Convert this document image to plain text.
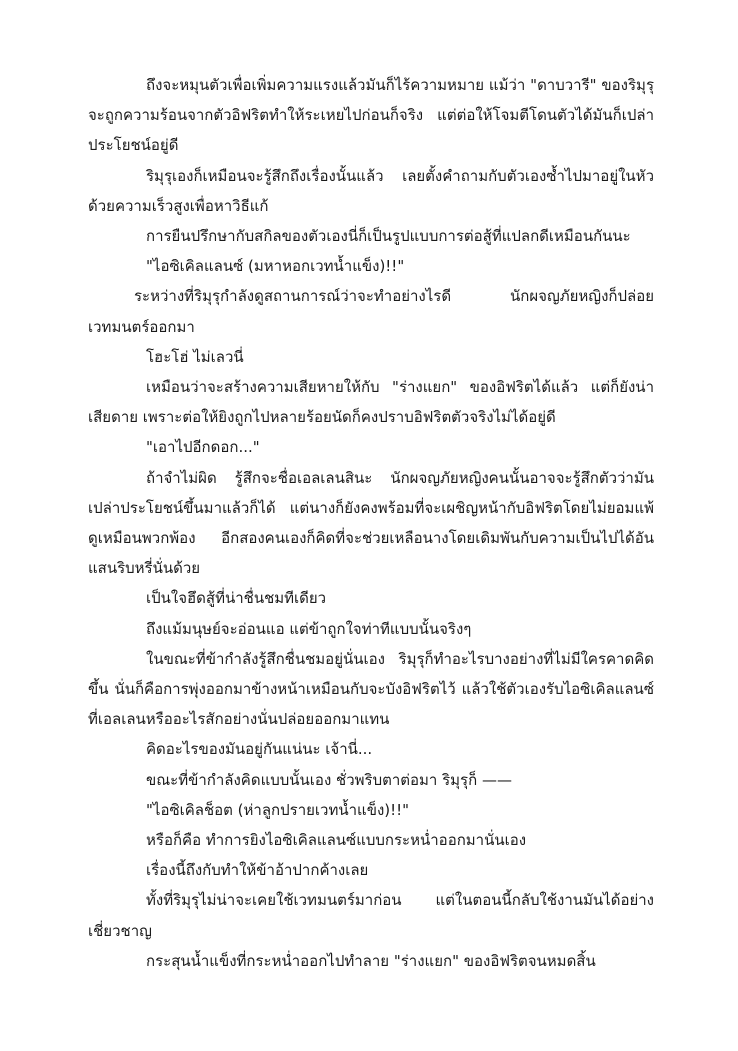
ถึงจะหมุนตัวเพื่อเพิ่มความแรงแล้วมันก็ไร้ความหมาย แม้ว่า "ดาบวารี" ของริมุรุจะถูกความร้อนจากตัวอิฟริตทำให้ระเหยไปก่อนก็จริง แต่ต่อให้โจมตีโดนตัวได้มันก็เปล่าประโยชน์อยู่ดี

ริมุรุเองก็เหมือนจะรู้สึกถึงเรื่องนั้นแล้ว เลยตั้งคำถามกับตัวเองซ้ำไปมาอยู่ในหัวด้วยความเร็วสูงเพื่อหาวิธีแก้

การยืนปรึกษากับสกิลของตัวเองนี่ก็เป็นรูปแบบการต่อสู้ที่แปลกดีเหมือนกันนะ

"ไอซิเคิลแลนซ์ (มหาหอกเวทน้ำแข็ง)!!"

ระหว่างที่ริมุรุกำลังดูสถานการณ์ว่าจะทำอย่างไรดี นักผจญภัยหญิงก็ปล่อยเวทมนตร์ออกมา

โฮะโฮ่ ไม่เลวนี่

เหมือนว่าจะสร้างความเสียหายให้กับ "ร่างแยก" ของอิฟริตได้แล้ว แต่ก็ยังน่าเสียดาย เพราะต่อให้ยิงถูกไปหลายร้อยนัดก็คงปราบอิฟริตตัวจริงไม่ได้อยู่ดี

"เอาไปอีกดอก..."

ถ้าจำไม่ผิด รู้สึกจะชื่อเอลเลนสินะ นักผจญภัยหญิงคนนั้นอาจจะรู้สึกตัวว่ามันเปล่าประโยชน์ขึ้นมาแล้วก็ได้ แต่นางก็ยังคงพร้อมที่จะเผชิญหน้ากับอิฟริตโดยไม่ยอมแพ้ดูเหมือนพวกพ้อง อีกสองคนเองก็คิดที่จะช่วยเหลือนางโดยเดิมพันกับความเป็นไปได้อันแสนริบหรี่นั่นด้วย

เป็นใจฮึดสู้ที่น่าชื่นชมทีเดียว

ถึงแม้มนุษย์จะอ่อนแอ แต่ข้าถูกใจท่าทีแบบนั้นจริงๆ

ในขณะที่ข้ากำลังรู้สึกชื่นชมอยู่นั่นเอง ริมุรุก็ทำอะไรบางอย่างที่ไม่มีใครคาดคิดขึ้น นั่นก็คือการพุ่งออกมาข้างหน้าเหมือนกับจะบังอิฟริตไว้ แล้วใช้ตัวเองรับไอซิเคิลแลนซ์ที่เอลเลนหรืออะไรสักอย่างนั่นปล่อยออกมาแทน

คิดอะไรของมันอยู่กันแน่นะ เจ้านี่...

ขณะที่ข้ากำลังคิดแบบนั้นเอง ชั่วพริบตาต่อมา ริมุรุก็ ——

"ไอซิเคิลช็อต (ห่าลูกปรายเวทน้ำแข็ง)!!"

หรือก็คือ ทำการยิงไอซิเคิลแลนซ์แบบกระหน่ำออกมานั่นเอง

เรื่องนี้ถึงกับทำให้ข้าอ้าปากค้างเลย

ทั้งที่ริมุรุไม่น่าจะเคยใช้เวทมนตร์มาก่อน แต่ในตอนนี้กลับใช้งานมันได้อย่างเชี่ยวชาญ

กระสุนน้ำแข็งที่กระหน่ำออกไปทำลาย "ร่างแยก" ของอิฟริตจนหมดสิ้น
